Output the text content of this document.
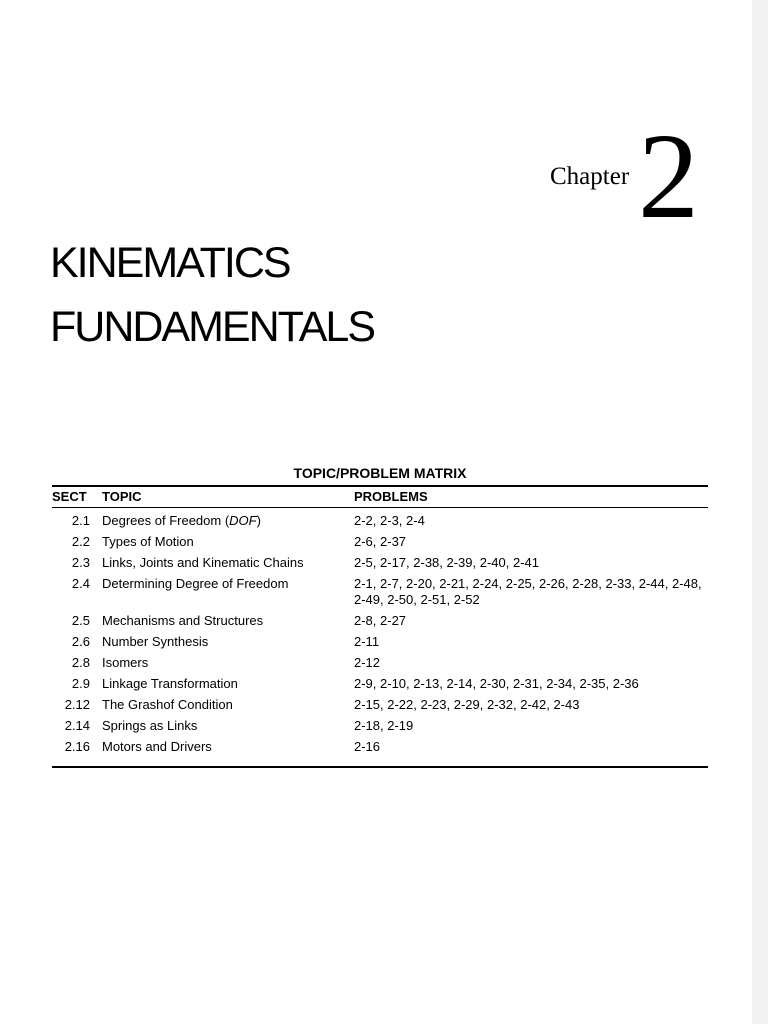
Chapter 2
KINEMATICS
FUNDAMENTALS
TOPIC/PROBLEM MATRIX
SECT TOPIC	PROBLEMS
2.1 Degrees of Freedom (DOF)	2-2, 2-3, 2-4
2.2 Types of Motion	2-6, 2-37
2.3 Links, Joints and Kinematic Chains	2-5, 2-17, 2-38, 2-39, 2-40, 2-41
2.4 Determining Degree of Freedom	2-1, 2-7, 2-20, 2-21, 2-24, 2-25, 2-26, 2-28, 2-33, 2-44, 2-48, 2-49, 2-50, 2-51, 2-52
2.5 Mechanisms and Structures	2-8, 2-27
2.6 Number Synthesis	2-11
2.8 Isomers	2-12
2.9 Linkage Transformation	2-9, 2-10, 2-13, 2-14, 2-30, 2-31, 2-34, 2-35, 2-36
2.12 The Grashof Condition	2-15, 2-22, 2-23, 2-29, 2-32, 2-42, 2-43
2.14 Springs as Links	2-18, 2-19
2.16 Motors and Drivers	2-16
